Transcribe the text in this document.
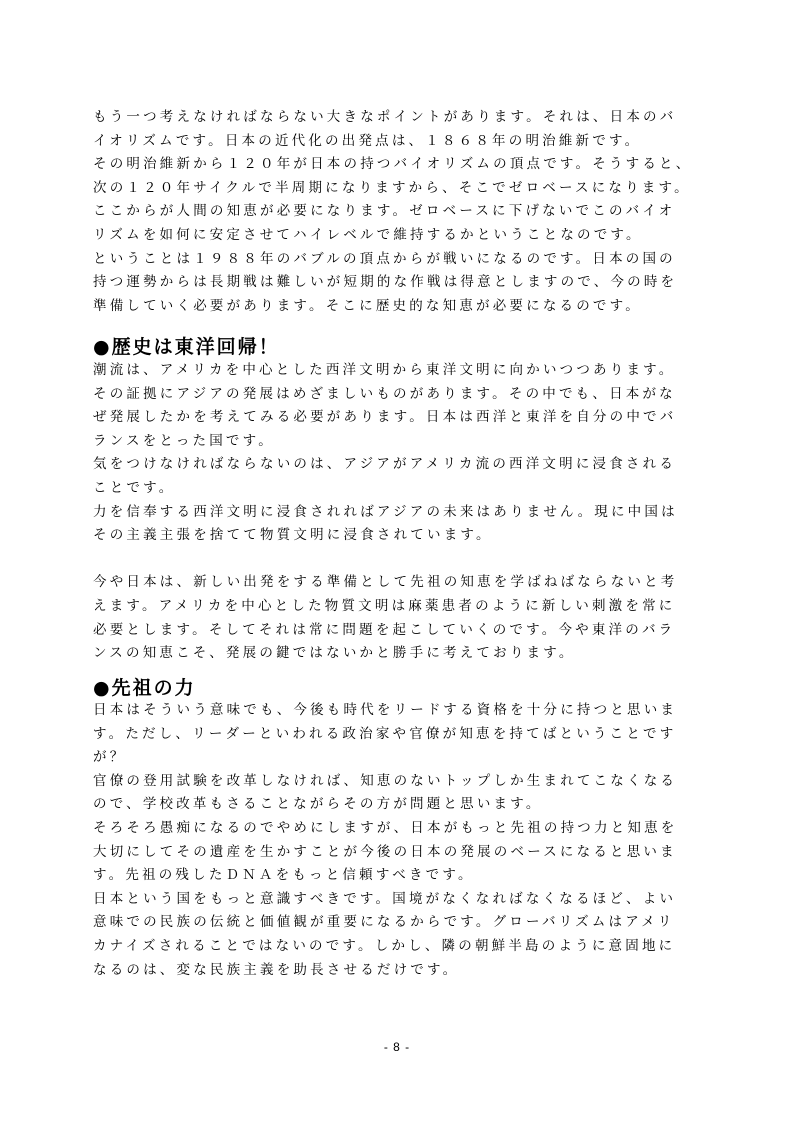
もう一つ考えなければならない大きなポイントがあります。それは、日本のバ
イオリズムです。日本の近代化の出発点は、１８６８年の明治維新です。
その明治維新から１２０年が日本の持つバイオリズムの頂点です。そうすると、
次の１２０年サイクルで半周期になりますから、そこでゼロベースになります。
ここからが人間の知恵が必要になります。ゼロベースに下げないでこのバイオ
リズムを如何に安定させてハイレベルで維持するかということなのです。
ということは１９８８年のバブルの頂点からが戦いになるのです。日本の国の
持つ運勢からは長期戦は難しいが短期的な作戦は得意としますので、今の時を
準備していく必要があります。そこに歴史的な知恵が必要になるのです。
●歴史は東洋回帰！
潮流は、アメリカを中心とした西洋文明から東洋文明に向かいつつあります。
その証拠にアジアの発展はめざましいものがあります。その中でも、日本がな
ぜ発展したかを考えてみる必要があります。日本は西洋と東洋を自分の中でバ
ランスをとった国です。
気をつけなければならないのは、アジアがアメリカ流の西洋文明に浸食される
ことです。
力を信奉する西洋文明に浸食されればアジアの未来はありません。現に中国は
その主義主張を捨てて物質文明に浸食されています。
今や日本は、新しい出発をする準備として先祖の知恵を学ばねばならないと考
えます。アメリカを中心とした物質文明は麻薬患者のように新しい刺激を常に
必要とします。そしてそれは常に問題を起こしていくのです。今や東洋のバラ
ンスの知恵こそ、発展の鍵ではないかと勝手に考えております。
●先祖の力
日本はそういう意味でも、今後も時代をリードする資格を十分に持つと思いま
す。ただし、リーダーといわれる政治家や官僚が知恵を持てばということです
が？
官僚の登用試験を改革しなければ、知恵のないトップしか生まれてこなくなる
ので、学校改革もさることながらその方が問題と思います。
そろそろ愚痴になるのでやめにしますが、日本がもっと先祖の持つ力と知恵を
大切にしてその遺産を生かすことが今後の日本の発展のベースになると思いま
す。先祖の残したＤＮＡをもっと信頼すべきです。
日本という国をもっと意識すべきです。国境がなくなればなくなるほど、よい
意味での民族の伝統と価値観が重要になるからです。グローバリズムはアメリ
カナイズされることではないのです。しかし、隣の朝鮮半島のように意固地に
なるのは、変な民族主義を助長させるだけです。
- 8 -
